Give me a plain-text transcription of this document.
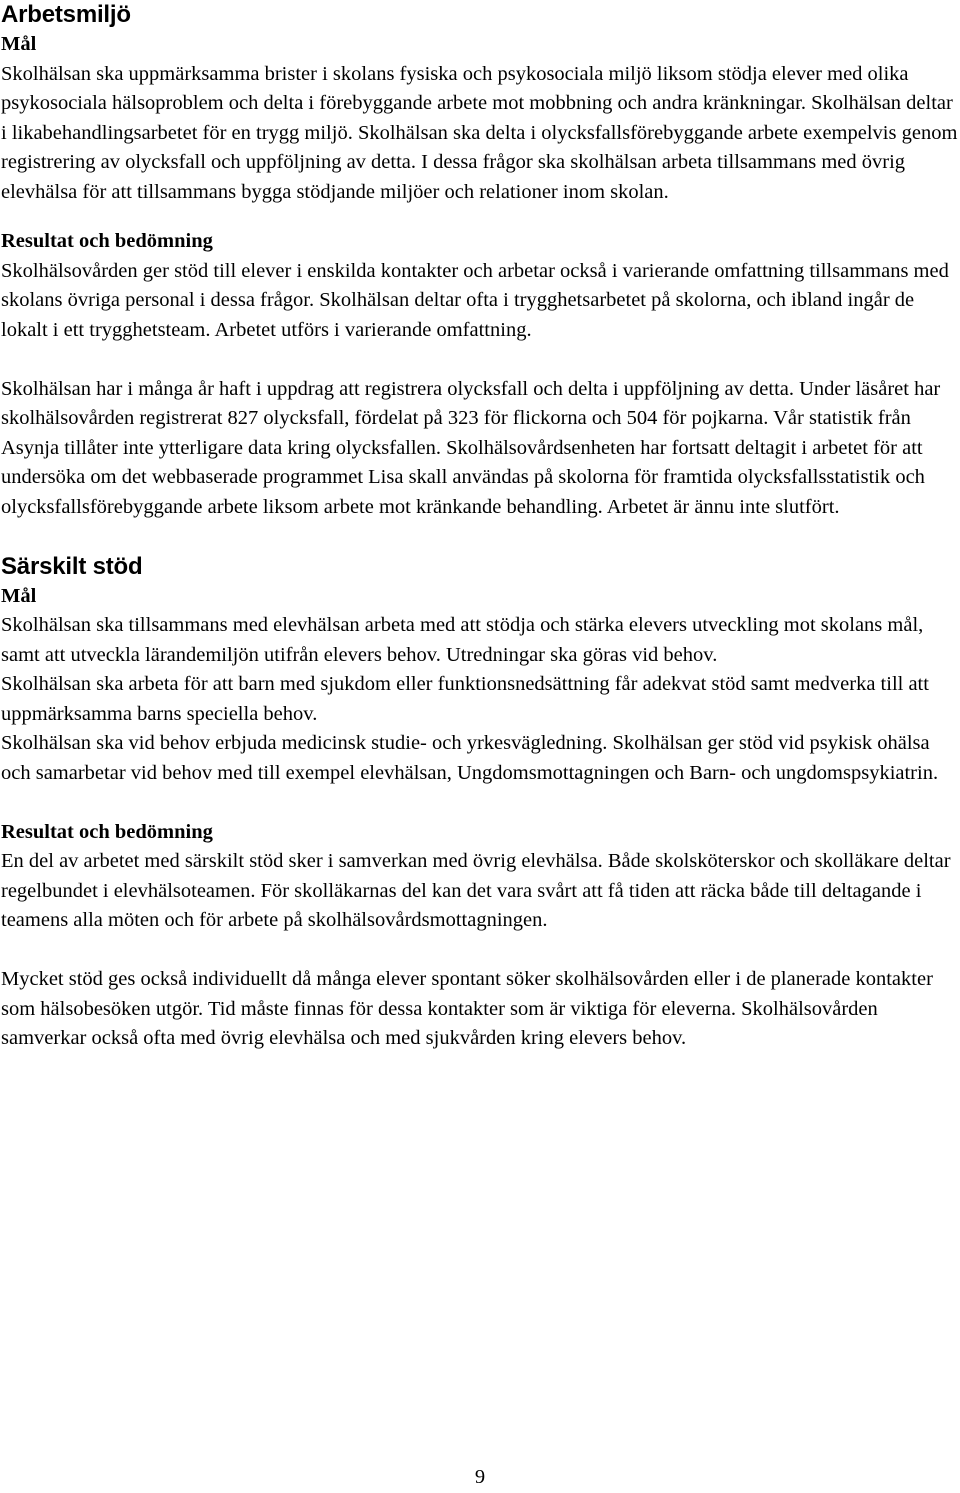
Arbetsmiljö
Mål

Skolhälsan ska uppmärksamma brister i skolans fysiska och psykosociala miljö liksom stödja elever med olika psykosociala hälsoproblem och delta i förebyggande arbete mot mobbning och andra kränkningar. Skolhälsan deltar i likabehandlingsarbetet för en trygg miljö. Skolhälsan ska delta i olycksfallsförebyggande arbete exempelvis genom registrering av olycksfall och uppföljning av detta. I dessa frågor ska skolhälsan arbeta tillsammans med övrig elevhälsa för att tillsammans bygga stödjande miljöer och relationer inom skolan.

Resultat och bedömning

Skolhälsovården ger stöd till elever i enskilda kontakter och arbetar också i varierande omfattning tillsammans med skolans övriga personal i dessa frågor. Skolhälsan deltar ofta i trygghetsarbetet på skolorna, och ibland ingår de lokalt i ett trygghetsteam. Arbetet utförs i varierande omfattning.

Skolhälsan har i många år haft i uppdrag att registrera olycksfall och delta i uppföljning av detta. Under läsåret har skolhälsovården registrerat 827 olycksfall, fördelat på 323 för flickorna och 504 för pojkarna. Vår statistik från Asynja tillåter inte ytterligare data kring olycksfallen. Skolhälsovårdsenheten har fortsatt deltagit i arbetet för att undersöka om det webbaserade programmet Lisa skall användas på skolorna för framtida olycksfallsstatistik och olycksfallsförebyggande arbete liksom arbete mot kränkande behandling. Arbetet är ännu inte slutfört.

Särskilt stöd
Mål

Skolhälsan ska tillsammans med elevhälsan arbeta med att stödja och stärka elevers utveckling mot skolans mål, samt att utveckla lärandemiljön utifrån elevers behov. Utredningar ska göras vid behov.

Skolhälsan ska arbeta för att barn med sjukdom eller funktionsnedsättning får adekvat stöd samt medverka till att uppmärksamma barns speciella behov.

Skolhälsan ska vid behov erbjuda medicinsk studie- och yrkesvägledning. Skolhälsan ger stöd vid psykisk ohälsa och samarbetar vid behov med till exempel elevhälsan, Ungdomsmottagningen och Barn- och ungdomspsykiatrin.

Resultat och bedömning

En del av arbetet med särskilt stöd sker i samverkan med övrig elevhälsa. Både skolsköterskor och skolläkare deltar regelbundet i elevhälsoteamen. För skolläkarnas del kan det vara svårt att få tiden att räcka både till deltagande i teamens alla möten och för arbete på skolhälsovårdsmottagningen.

Mycket stöd ges också individuellt då många elever spontant söker skolhälsovården eller i de planerade kontakter som hälsobesöken utgör. Tid måste finnas för dessa kontakter som är viktiga för eleverna. Skolhälsovården samverkar också ofta med övrig elevhälsa och med sjukvården kring elevers behov.

9
